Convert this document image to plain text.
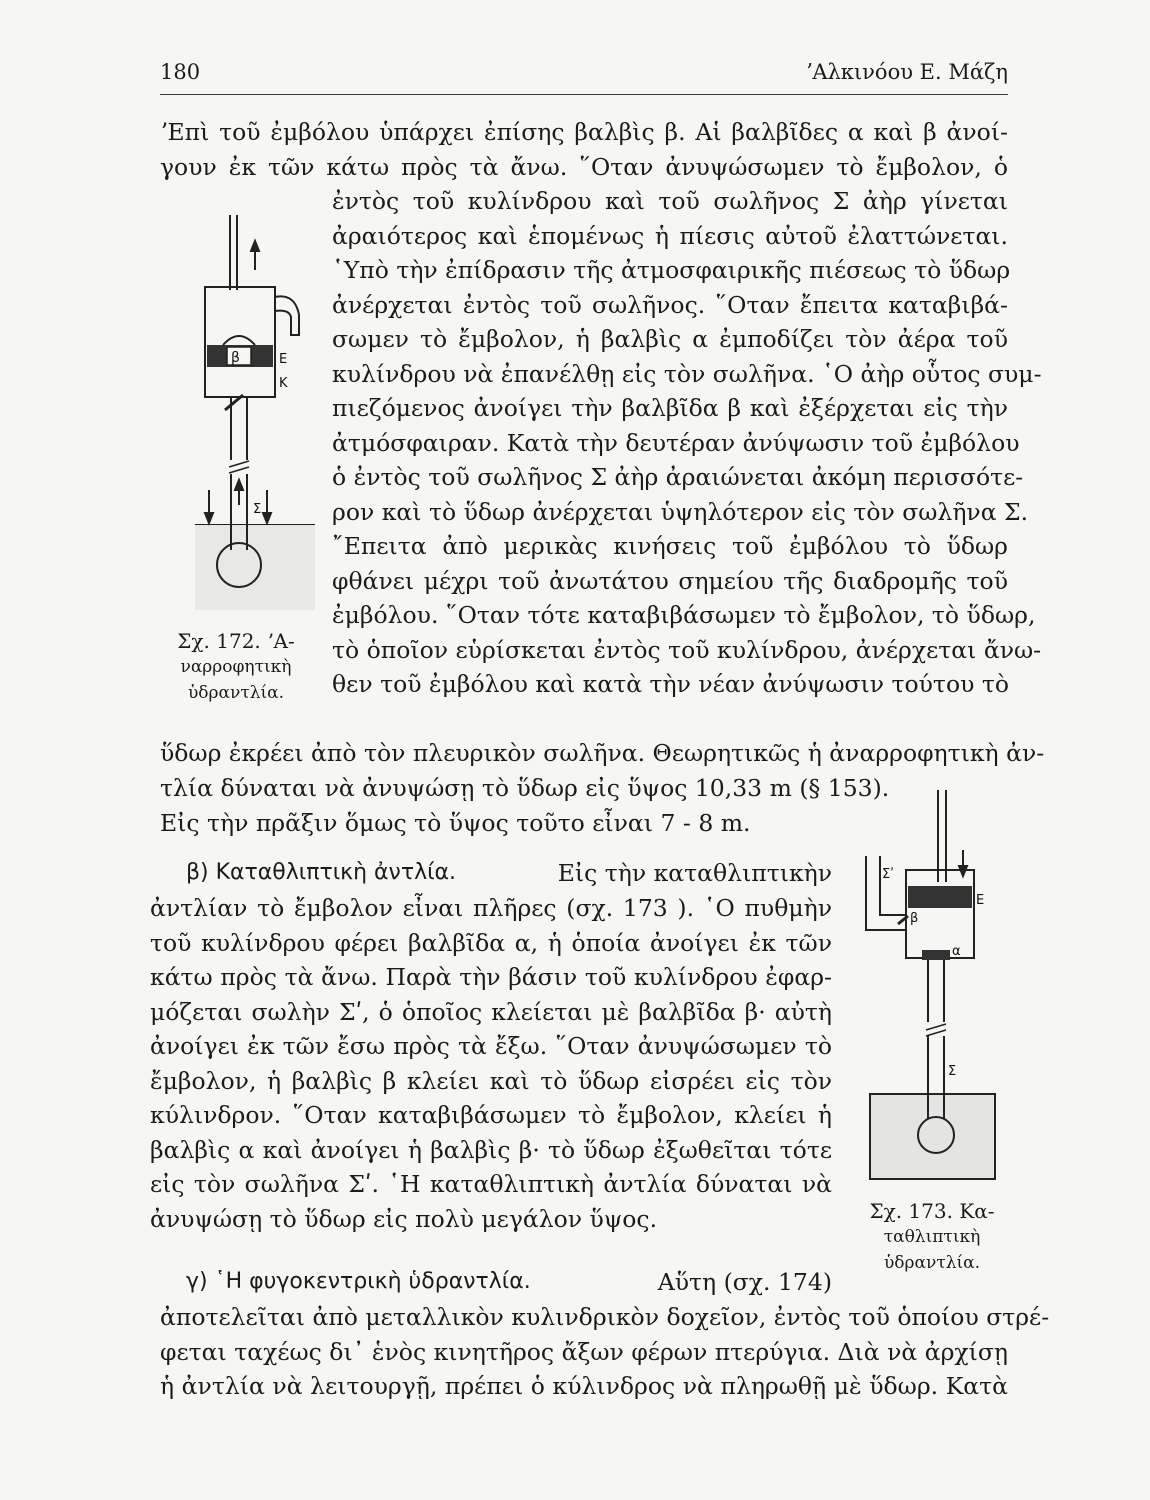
180	ʼΑλκινόου Ε. Μάζη
ʼΕπὶ τοῦ ἐμβόλου ὑπάρχει ἐπίσης βαλβὶς β. Αἱ βαλβῖδες α καὶ β ἀνοί-
γουν ἐκ τῶν κάτω πρὸς τὰ ἄνω. ῞Οταν ἀνυψώσωμεν τὸ ἔμβολον, ὁ
ἐντὸς τοῦ κυλίνδρου καὶ τοῦ σωλῆνος Σ ἀὴρ γίνεται
ἀραιότερος καὶ ἑπομένως ἡ πίεσις αὐτοῦ ἐλαττώνεται.
῾Υπὸ τὴν ἐπίδρασιν τῆς ἀτμοσφαιρικῆς πιέσεως τὸ ὕδωρ
ἀνέρχεται ἐντὸς τοῦ σωλῆνος. ῞Οταν ἔπειτα καταβιβά-
σωμεν τὸ ἔμβολον, ἡ βαλβὶς α ἐμποδίζει τὸν ἀέρα τοῦ
κυλίνδρου νὰ ἐπανέλθῃ εἰς τὸν σωλῆνα. ῾Ο ἀὴρ οὗτος συμ-
πιεζόμενος ἀνοίγει τὴν βαλβῖδα β καὶ ἐξέρχεται εἰς τὴν
ἀτμόσφαιραν. Κατὰ τὴν δευτέραν ἀνύψωσιν τοῦ ἐμβόλου
ὁ ἐντὸς τοῦ σωλῆνος Σ ἀὴρ ἀραιώνεται ἀκόμη περισσότε-
ρον καὶ τὸ ὕδωρ ἀνέρχεται ὑψηλότερον εἰς τὸν σωλῆνα Σ.
῎Επειτα ἀπὸ μερικὰς κινήσεις τοῦ ἐμβόλου τὸ ὕδωρ
φθάνει μέχρι τοῦ ἀνωτάτου σημείου τῆς διαδρομῆς τοῦ
ἐμβόλου. ῞Οταν τότε καταβιβάσωμεν τὸ ἔμβολον, τὸ ὕδωρ,
τὸ ὁποῖον εὑρίσκεται ἐντὸς τοῦ κυλίνδρου, ἀνέρχεται ἄνω-
θεν τοῦ ἐμβόλου καὶ κατὰ τὴν νέαν ἀνύψωσιν τούτου τὸ
ὕδωρ ἐκρέει ἀπὸ τὸν πλευρικὸν σωλῆνα. Θεωρητικῶς ἡ ἀναρροφητικὴ ἀν-
τλία δύναται νὰ ἀνυψώσῃ τὸ ὕδωρ εἰς ὕψος 10,33 m (§ 153).
Εἰς τὴν πρᾶξιν ὅμως τὸ ὕψος τοῦτο εἶναι 7 - 8 m.
β) Καταθλιπτικὴ ἀντλία.	Εἰς τὴν καταθλιπτικὴν
ἀντλίαν τὸ ἔμβολον εἶναι πλῆρες (σχ. 173 ). ῾Ο πυθμὴν
τοῦ κυλίνδρου φέρει βαλβῖδα α, ἡ ὁποία ἀνοίγει ἐκ τῶν
κάτω πρὸς τὰ ἄνω. Παρὰ τὴν βάσιν τοῦ κυλίνδρου ἐφαρ-
μόζεται σωλὴν Σʹ, ὁ ὁποῖος κλείεται μὲ βαλβῖδα β· αὐτὴ
ἀνοίγει ἐκ τῶν ἔσω πρὸς τὰ ἔξω. ῞Οταν ἀνυψώσωμεν τὸ
ἔμβολον, ἡ βαλβὶς β κλείει καὶ τὸ ὕδωρ εἰσρέει εἰς τὸν
κύλινδρον. ῞Οταν καταβιβάσωμεν τὸ ἔμβολον, κλείει ἡ
βαλβὶς α καὶ ἀνοίγει ἡ βαλβὶς β· τὸ ὕδωρ ἐξωθεῖται τότε
εἰς τὸν σωλῆνα Σʹ. ῾Η καταθλιπτικὴ ἀντλία δύναται νὰ
ἀνυψώσῃ τὸ ὕδωρ εἰς πολὺ μεγάλον ὕψος.
γ) ῾Η φυγοκεντρικὴ ὑδραντλία.	Αὕτη (σχ. 174)
ἀποτελεῖται ἀπὸ μεταλλικὸν κυλινδρικὸν δοχεῖον, ἐντὸς τοῦ ὁποίου στρέ-
φεται ταχέως δι᾿ ἑνὸς κινητῆρος ἄξων φέρων πτερύγια. Διὰ νὰ ἀρχίσῃ
ἡ ἀντλία νὰ λειτουργῇ, πρέπει ὁ κύλινδρος νὰ πληρωθῇ μὲ ὕδωρ. Κατὰ
β	Ε
Κ
Σ
Σχ. 172. ʼΑ-
ναρροφητικὴ
ὑδραντλία.
Σʹ
Ε
β
α
Σ
Σχ. 173. Κα-
ταθλιπτικὴ
ὑδραντλία.
